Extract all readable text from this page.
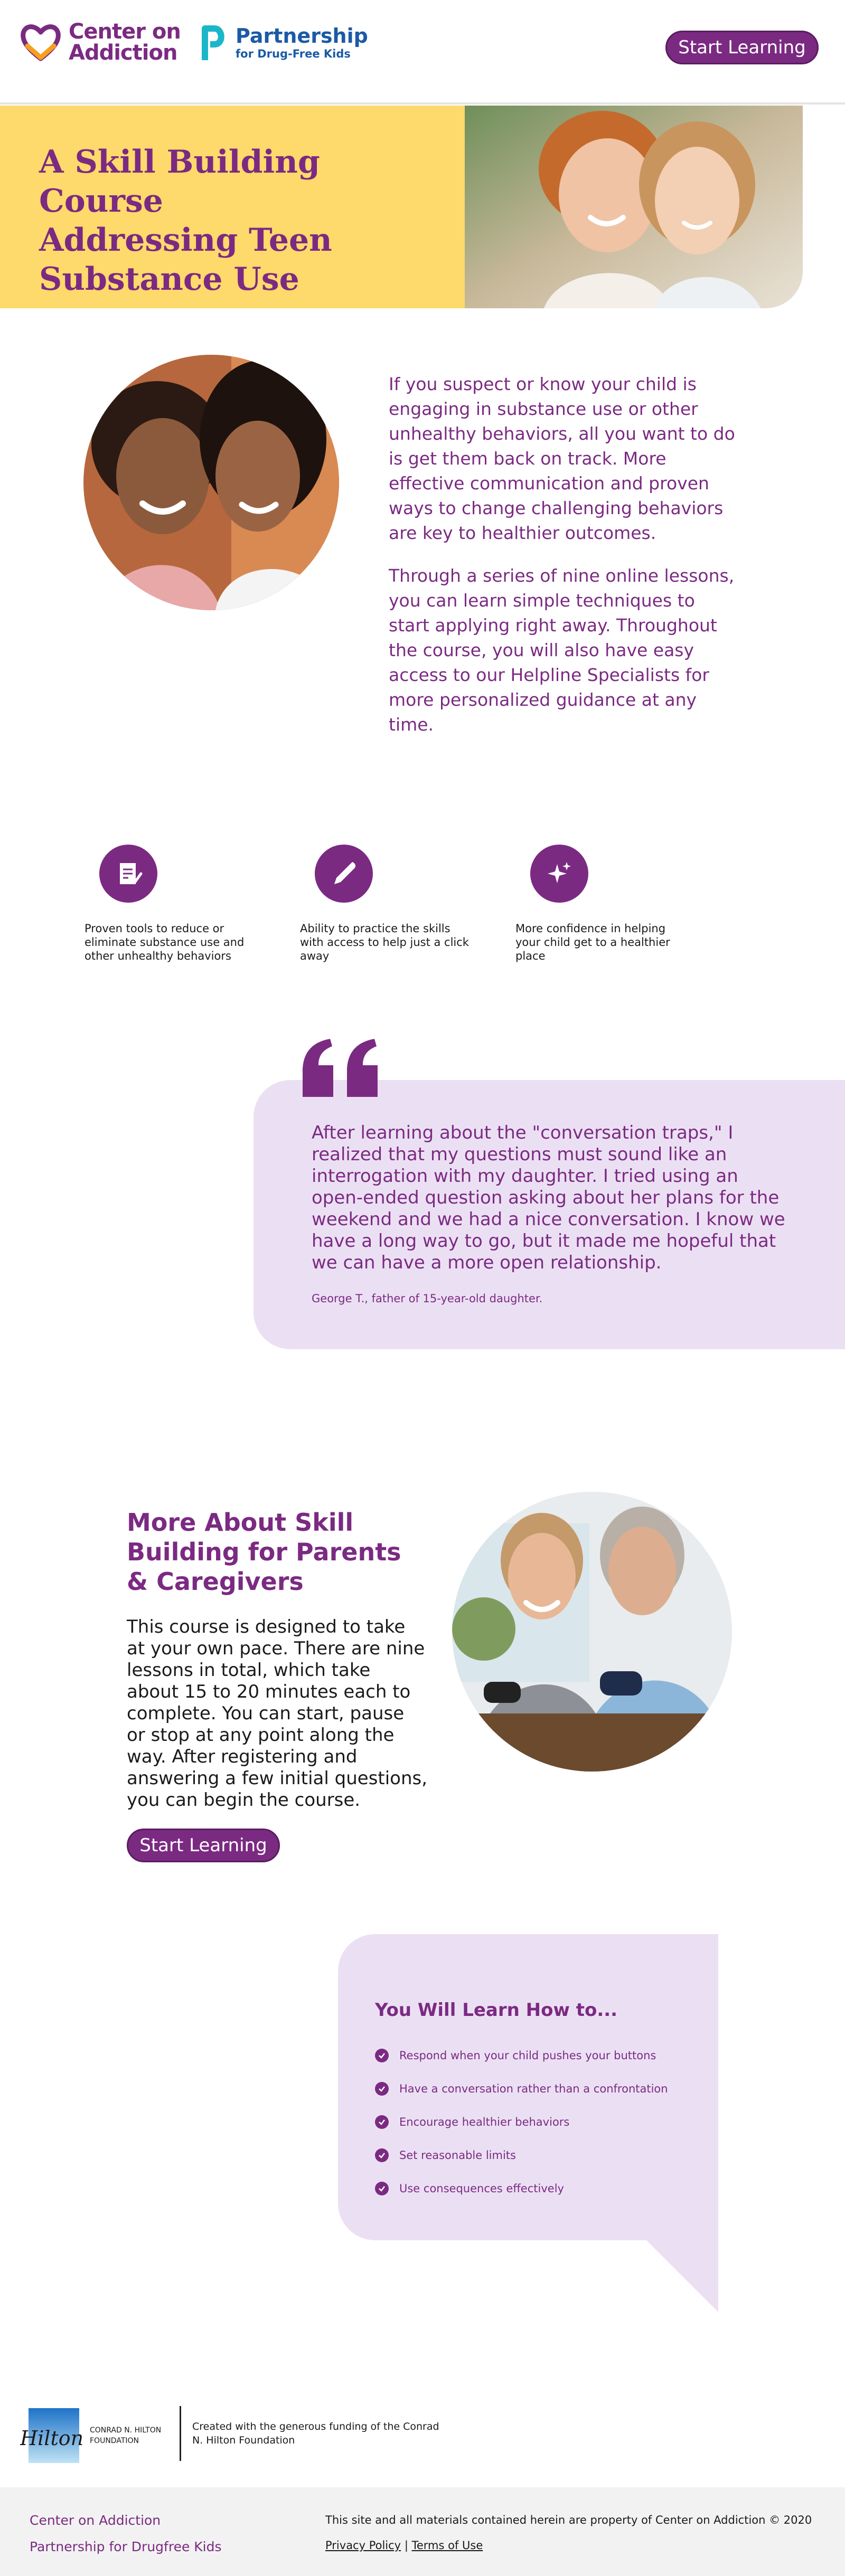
Center on
Addiction
Partnership
for Drug-Free Kids	Start Learning
A Skill Building Course
Addressing Teen
Substance Use

If you suspect or know your child is engaging in substance use or other unhealthy behaviors, all you want to do is get them back on track. More effective communication and proven ways to change challenging behaviors are key to healthier outcomes.

Through a series of nine online lessons, you can learn simple techniques to start applying right away. Throughout the course, you will also have easy access to our Helpline Specialists for more personalized guidance at any time.

Proven tools to reduce or eliminate substance use and other unhealthy behaviors
Ability to practice the skills with access to help just a click away
More confidence in helping your child get to a healthier place

After learning about the "conversation traps," I realized that my questions must sound like an interrogation with my daughter. I tried using an open-ended question asking about her plans for the weekend and we had a nice conversation. I know we have a long way to go, but it made me hopeful that we can have a more open relationship.

George T., father of 15-year-old daughter.

More About Skill Building for Parents & Caregivers

This course is designed to take at your own pace. There are nine lessons in total, which take about 15 to 20 minutes each to complete. You can start, pause or stop at any point along the way. After registering and answering a few initial questions, you can begin the course.

Start Learning
You Will Learn How to...
Respond when your child pushes your buttons
Have a conversation rather than a confrontation
Encourage healthier behaviors
Set reasonable limits
Use consequences effectively
Hilton CONRAD N. HILTON
FOUNDATION

Created with the generous funding of the Conrad N. Hilton Foundation

Center on Addiction
Partnership for Drugfree Kids

This site and all materials contained herein are property of Center on Addiction © 2020

Privacy Policy | Terms of Use
